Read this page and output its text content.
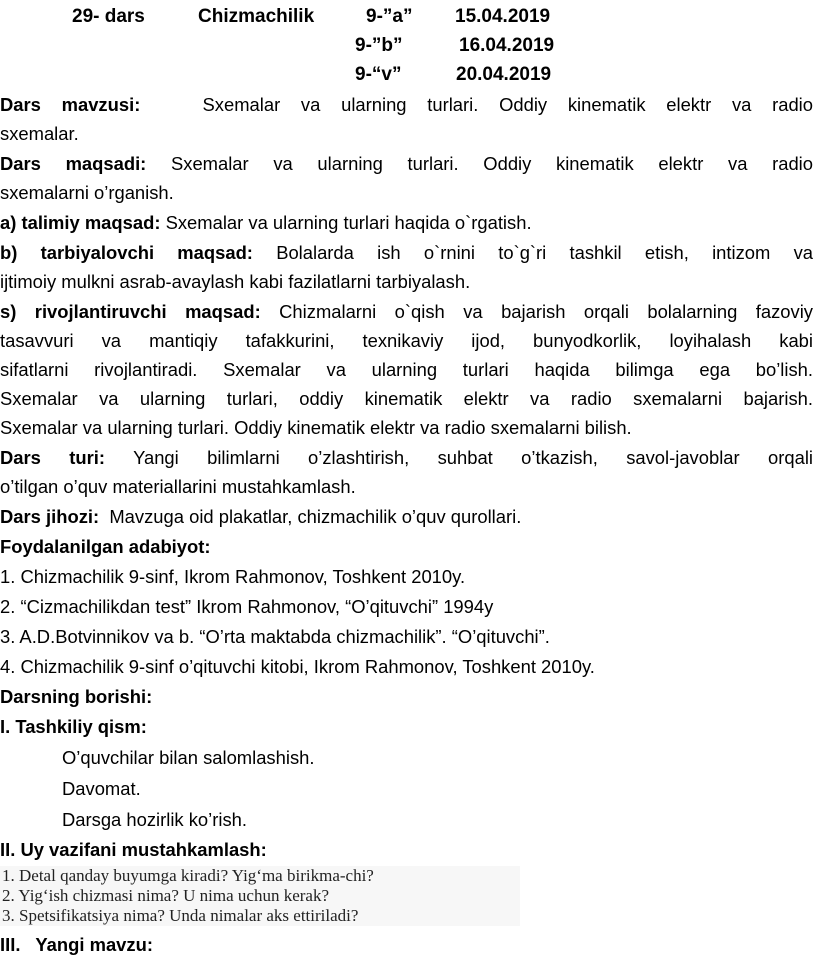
29- dars	Chizmachilik	9-”a” 15.04.2019
9-”b”	16.04.2019
9-“v”	20.04.2019
Dars mavzusi:	Sxemalar va ularning turlari. Oddiy kinematik elektr va radio
sxemalar.
Dars maqsadi: Sxemalar va ularning turlari. Oddiy kinematik elektr va radio
sxemalarni o’rganish.
a) talimiy maqsad: Sxemalar va ularning turlari haqida o`rgatish.
b) tarbiyalovchi maqsad: Bolalarda ish o`rnini to`g`ri tashkil etish, intizom va
ijtimoiy mulkni asrab-avaylash kabi fazilatlarni tarbiyalash.
s) rivojlantiruvchi maqsad: Chizmalarni o`qish va bajarish orqali bolalarning fazoviy
tasavvuri va mantiqiy tafakkurini, texnikaviy ijod, bunyodkorlik, loyihalash kabi
sifatlarni rivojlantiradi. Sxemalar va ularning turlari haqida bilimga ega bo’lish.
Sxemalar va ularning turlari, oddiy kinematik elektr va radio sxemalarni bajarish.
Sxemalar va ularning turlari. Oddiy kinematik elektr va radio sxemalarni bilish.
Dars turi: Yangi bilimlarni o’zlashtirish, suhbat o’tkazish, savol-javoblar orqali
o’tilgan o’quv materiallarini mustahkamlash.
Dars jihozi: Mavzuga oid plakatlar, chizmachilik o’quv qurollari.
Foydalanilgan adabiyot:
1. Chizmachilik 9-sinf, Ikrom Rahmonov, Toshkent 2010y.
2. “Cizmachilikdan test” Ikrom Rahmonov, “O’qituvchi” 1994y
3. A.D.Botvinnikov va b. “O’rta maktabda chizmachilik”. “O’qituvchi”.
4. Chizmachilik 9-sinf o’qituvchi kitobi, Ikrom Rahmonov, Toshkent 2010y.
Darsning borishi:
I. Tashkiliy qism:
O’quvchilar bilan salomlashish.
Davomat.
Darsga hozirlik ko’rish.
II. Uy vazifani mustahkamlash:
1. Detal qanday buyumga kiradi? Yig‘ma birikma-chi?
2. Yig‘ish chizmasi nima? U nima uchun kerak?
3. Spetsifikatsiya nima? Unda nimalar aks ettiriladi?
III.   Yangi mavzu:
